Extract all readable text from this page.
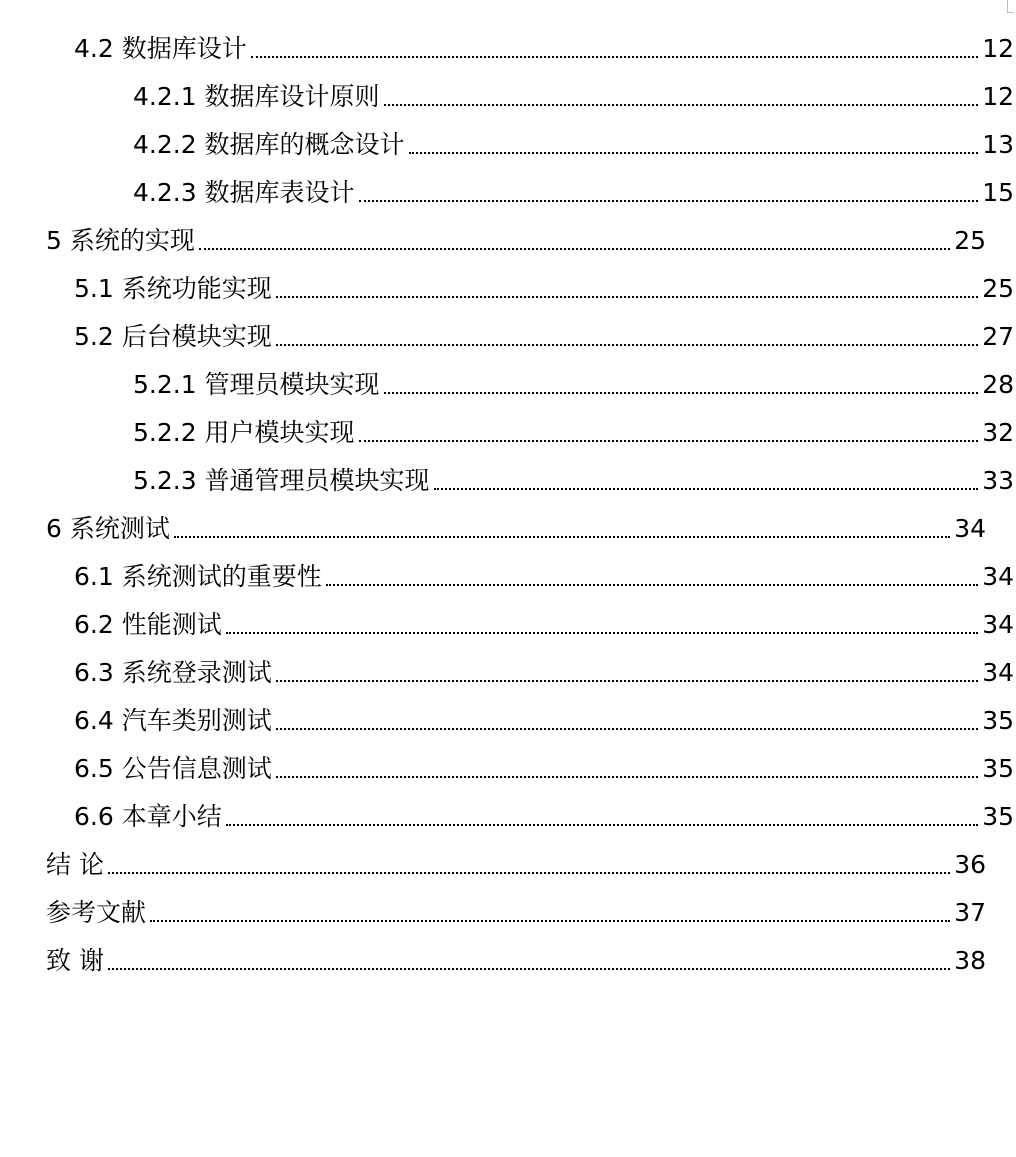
4.2 数据库设计	12
4.2.1 数据库设计原则	12
4.2.2 数据库的概念设计	13
4.2.3 数据库表设计	15
5 系统的实现	25
5.1 系统功能实现	25
5.2 后台模块实现	27
5.2.1 管理员模块实现	28
5.2.2 用户模块实现	32
5.2.3 普通管理员模块实现	33
6 系统测试	34
6.1 系统测试的重要性	34
6.2 性能测试	34
6.3 系统登录测试	34
6.4 汽车类别测试	35
6.5 公告信息测试	35
6.6 本章小结	35
结 论	36
参考文献	37
致 谢	38
